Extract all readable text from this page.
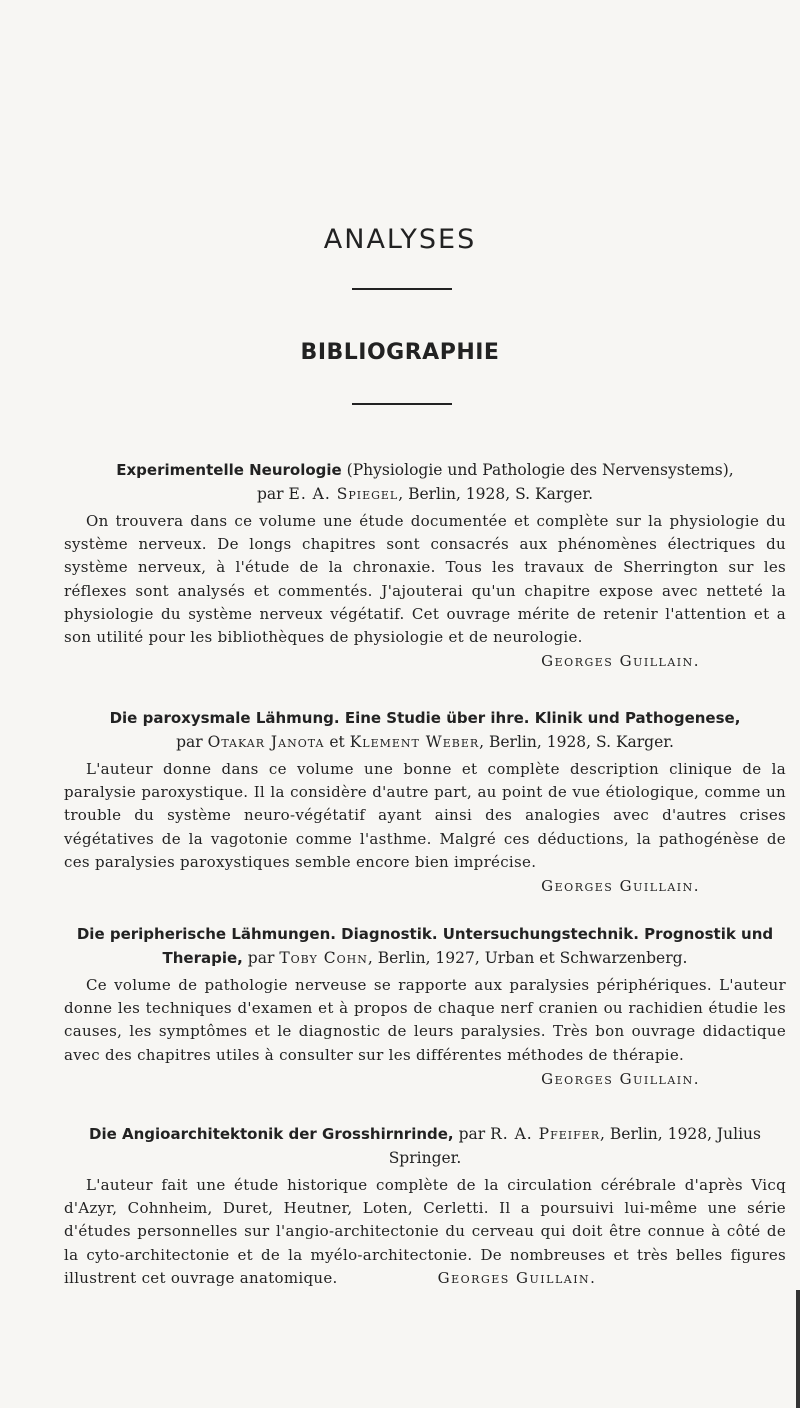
ANALYSES
BIBLIOGRAPHIE

Experimentelle Neurologie (Physiologie und Pathologie des Nervensystems),
par E. A. Spiegel, Berlin, 1928, S. Karger.

On trouvera dans ce volume une étude documentée et complète sur la physiologie du système nerveux. De longs chapitres sont consacrés aux phénomènes électriques du système nerveux, à l'étude de la chronaxie. Tous les travaux de Sherrington sur les réflexes sont analysés et commentés. J'ajouterai qu'un chapitre expose avec netteté la physiologie du système nerveux végétatif. Cet ouvrage mérite de retenir l'attention et a son utilité pour les bibliothèques de physiologie et de neurologie.

Georges Guillain.

Die paroxysmale Lähmung. Eine Studie über ihre. Klinik und Pathogenese,
par Otakar Janota et Klement Weber, Berlin, 1928, S. Karger.

L'auteur donne dans ce volume une bonne et complète description clinique de la paralysie paroxystique. Il la considère d'autre part, au point de vue étiologique, comme un trouble du système neuro-végétatif ayant ainsi des analogies avec d'autres crises végétatives de la vagotonie comme l'asthme. Malgré ces déductions, la pathogénèse de ces paralysies paroxystiques semble encore bien imprécise.

Georges Guillain.

Die peripherische Lähmungen. Diagnostik. Untersuchungstechnik. Prognostik und Therapie, par Toby Cohn, Berlin, 1927, Urban et Schwarzenberg.

Ce volume de pathologie nerveuse se rapporte aux paralysies périphériques. L'auteur donne les techniques d'examen et à propos de chaque nerf cranien ou rachidien étudie les causes, les symptômes et le diagnostic de leurs paralysies. Très bon ouvrage didactique avec des chapitres utiles à consulter sur les différentes méthodes de thérapie.

Georges Guillain.

Die Angioarchitektonik der Grosshirnrinde, par R. A. Pfeifer, Berlin, 1928, Julius Springer.

L'auteur fait une étude historique complète de la circulation cérébrale d'après Vicq d'Azyr, Cohnheim, Duret, Heutner, Loten, Cerletti. Il a poursuivi lui-même une série d'études personnelles sur l'angio-architectonie du cerveau qui doit être connue à côté de la cyto-architectonie et de la myélo-architectonie. De nombreuses et très belles figures illustrent cet ouvrage anatomique.	Georges Guillain.
